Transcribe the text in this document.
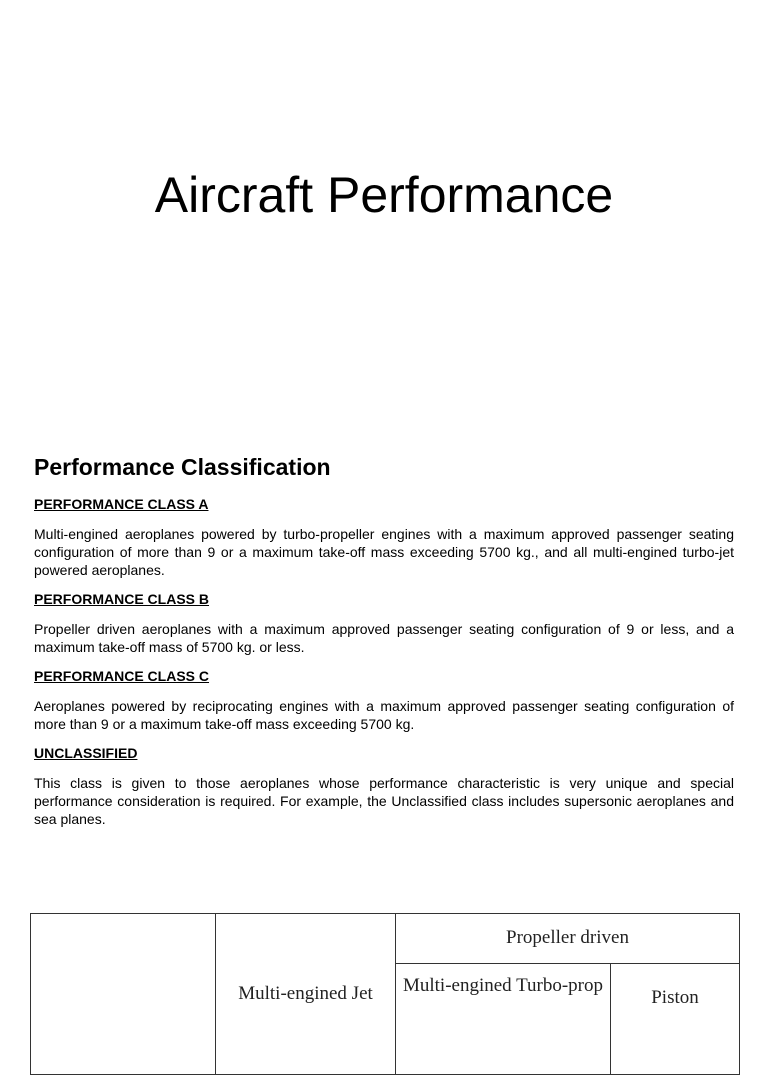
Aircraft Performance
Performance Classification
PERFORMANCE CLASS A
Multi-engined aeroplanes powered by turbo-propeller engines with a maximum approved passenger seating configuration of more than 9 or a maximum take-off mass exceeding 5700 kg., and all multi-engined turbo-jet powered aeroplanes.
PERFORMANCE CLASS B
Propeller driven aeroplanes with a maximum approved passenger seating configuration of 9 or less, and a maximum take-off mass of 5700 kg. or less.
PERFORMANCE CLASS C
Aeroplanes powered by reciprocating engines with a maximum approved passenger seating configuration of more than 9 or a maximum take-off mass exceeding 5700 kg.
UNCLASSIFIED
This class is given to those aeroplanes whose performance characteristic is very unique and special performance consideration is required. For example, the Unclassified class includes supersonic aeroplanes and sea planes.
	Multi-engined Jet	Propeller driven	
		Multi-engined Turbo-prop	Piston
